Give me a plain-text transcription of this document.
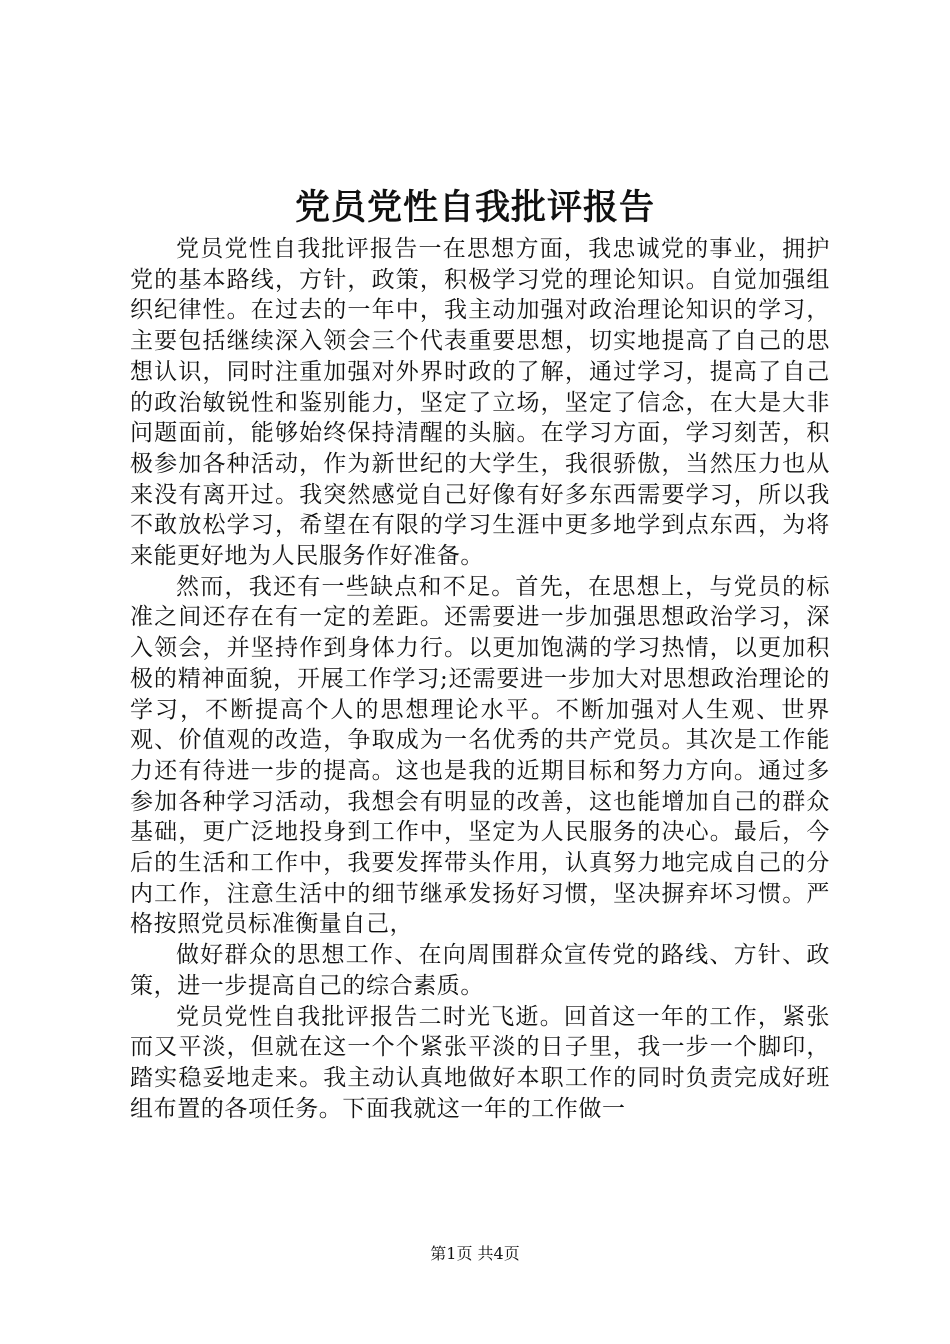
党员党性自我批评报告

党员党性自我批评报告一在思想方面，我忠诚党的事业，拥护党的基本路线，方针，政策，积极学习党的理论知识。自觉加强组织纪律性。在过去的一年中，我主动加强对政治理论知识的学习，主要包括继续深入领会三个代表重要思想，切实地提高了自己的思想认识，同时注重加强对外界时政的了解，通过学习，提高了自己的政治敏锐性和鉴别能力，坚定了立场，坚定了信念，在大是大非问题面前，能够始终保持清醒的头脑。在学习方面，学习刻苦，积极参加各种活动，作为新世纪的大学生，我很骄傲，当然压力也从来没有离开过。我突然感觉自己好像有好多东西需要学习，所以我不敢放松学习，希望在有限的学习生涯中更多地学到点东西，为将来能更好地为人民服务作好准备。

然而，我还有一些缺点和不足。首先，在思想上，与党员的标准之间还存在有一定的差距。还需要进一步加强思想政治学习，深入领会，并坚持作到身体力行。以更加饱满的学习热情，以更加积极的精神面貌，开展工作学习;还需要进一步加大对思想政治理论的学习，不断提高个人的思想理论水平。不断加强对人生观、世界观、价值观的改造，争取成为一名优秀的共产党员。其次是工作能力还有待进一步的提高。这也是我的近期目标和努力方向。通过多参加各种学习活动，我想会有明显的改善，这也能增加自己的群众基础，更广泛地投身到工作中，坚定为人民服务的决心。最后，今后的生活和工作中，我要发挥带头作用，认真努力地完成自己的分内工作，注意生活中的细节继承发扬好习惯，坚决摒弃坏习惯。严格按照党员标准衡量自己，

做好群众的思想工作、在向周围群众宣传党的路线、方针、政策，进一步提高自己的综合素质。

党员党性自我批评报告二时光飞逝。回首这一年的工作，紧张而又平淡，但就在这一个个紧张平淡的日子里，我一步一个脚印，踏实稳妥地走来。我主动认真地做好本职工作的同时负责完成好班组布置的各项任务。下面我就这一年的工作做一

第1页 共4页
